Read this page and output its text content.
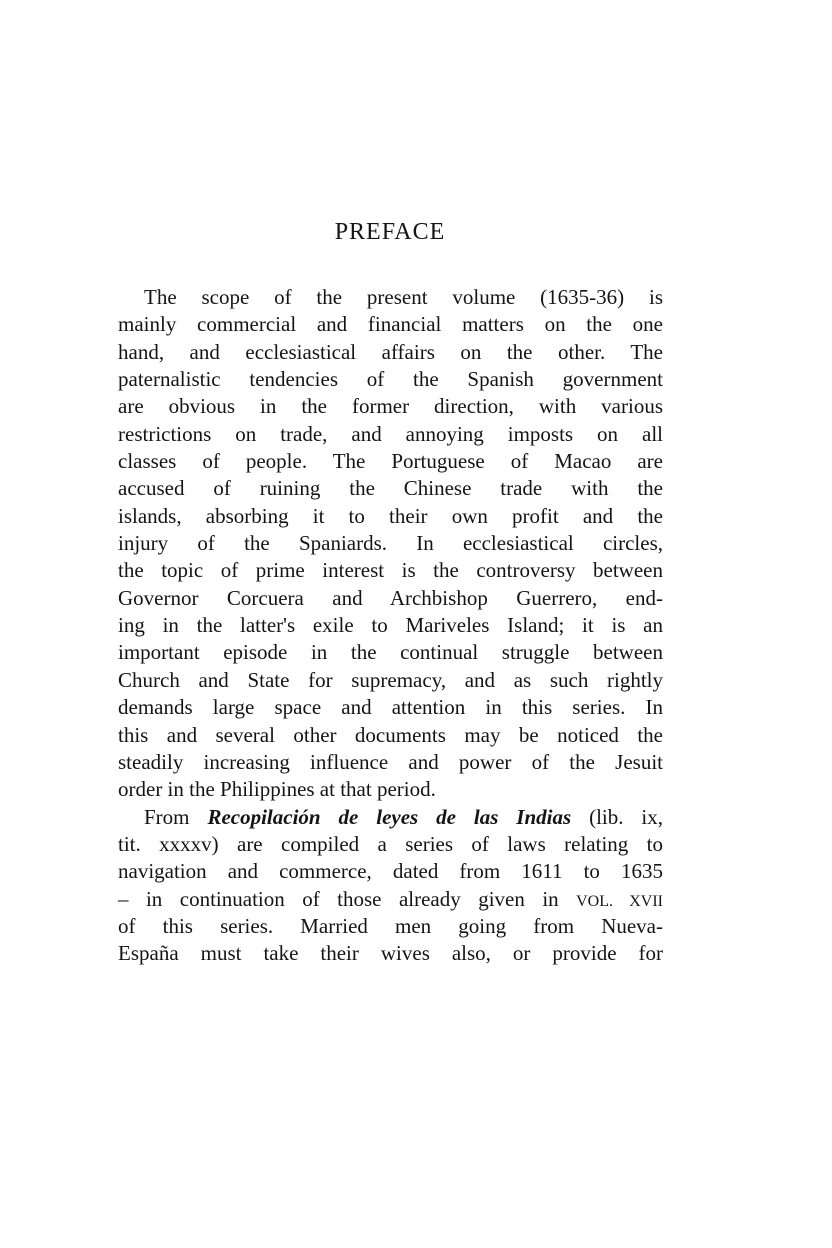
PREFACE
The scope of the present volume (1635-36) is
mainly commercial and financial matters on the one
hand, and ecclesiastical affairs on the other. The
paternalistic tendencies of the Spanish government
are obvious in the former direction, with various
restrictions on trade, and annoying imposts on all
classes of people. The Portuguese of Macao are
accused of ruining the Chinese trade with the
islands, absorbing it to their own profit and the
injury of the Spaniards. In ecclesiastical circles,
the topic of prime interest is the controversy between
Governor Corcuera and Archbishop Guerrero, end-
ing in the latter's exile to Mariveles Island; it is an
important episode in the continual struggle between
Church and State for supremacy, and as such rightly
demands large space and attention in this series. In
this and several other documents may be noticed the
steadily increasing influence and power of the Jesuit
order in the Philippines at that period.
From Recopilación de leyes de las Indias (lib. ix,
tit. xxxxv) are compiled a series of laws relating to
navigation and commerce, dated from 1611 to 1635
– in continuation of those already given in VOL. XVII
of this series. Married men going from Nueva-
España must take their wives also, or provide for
